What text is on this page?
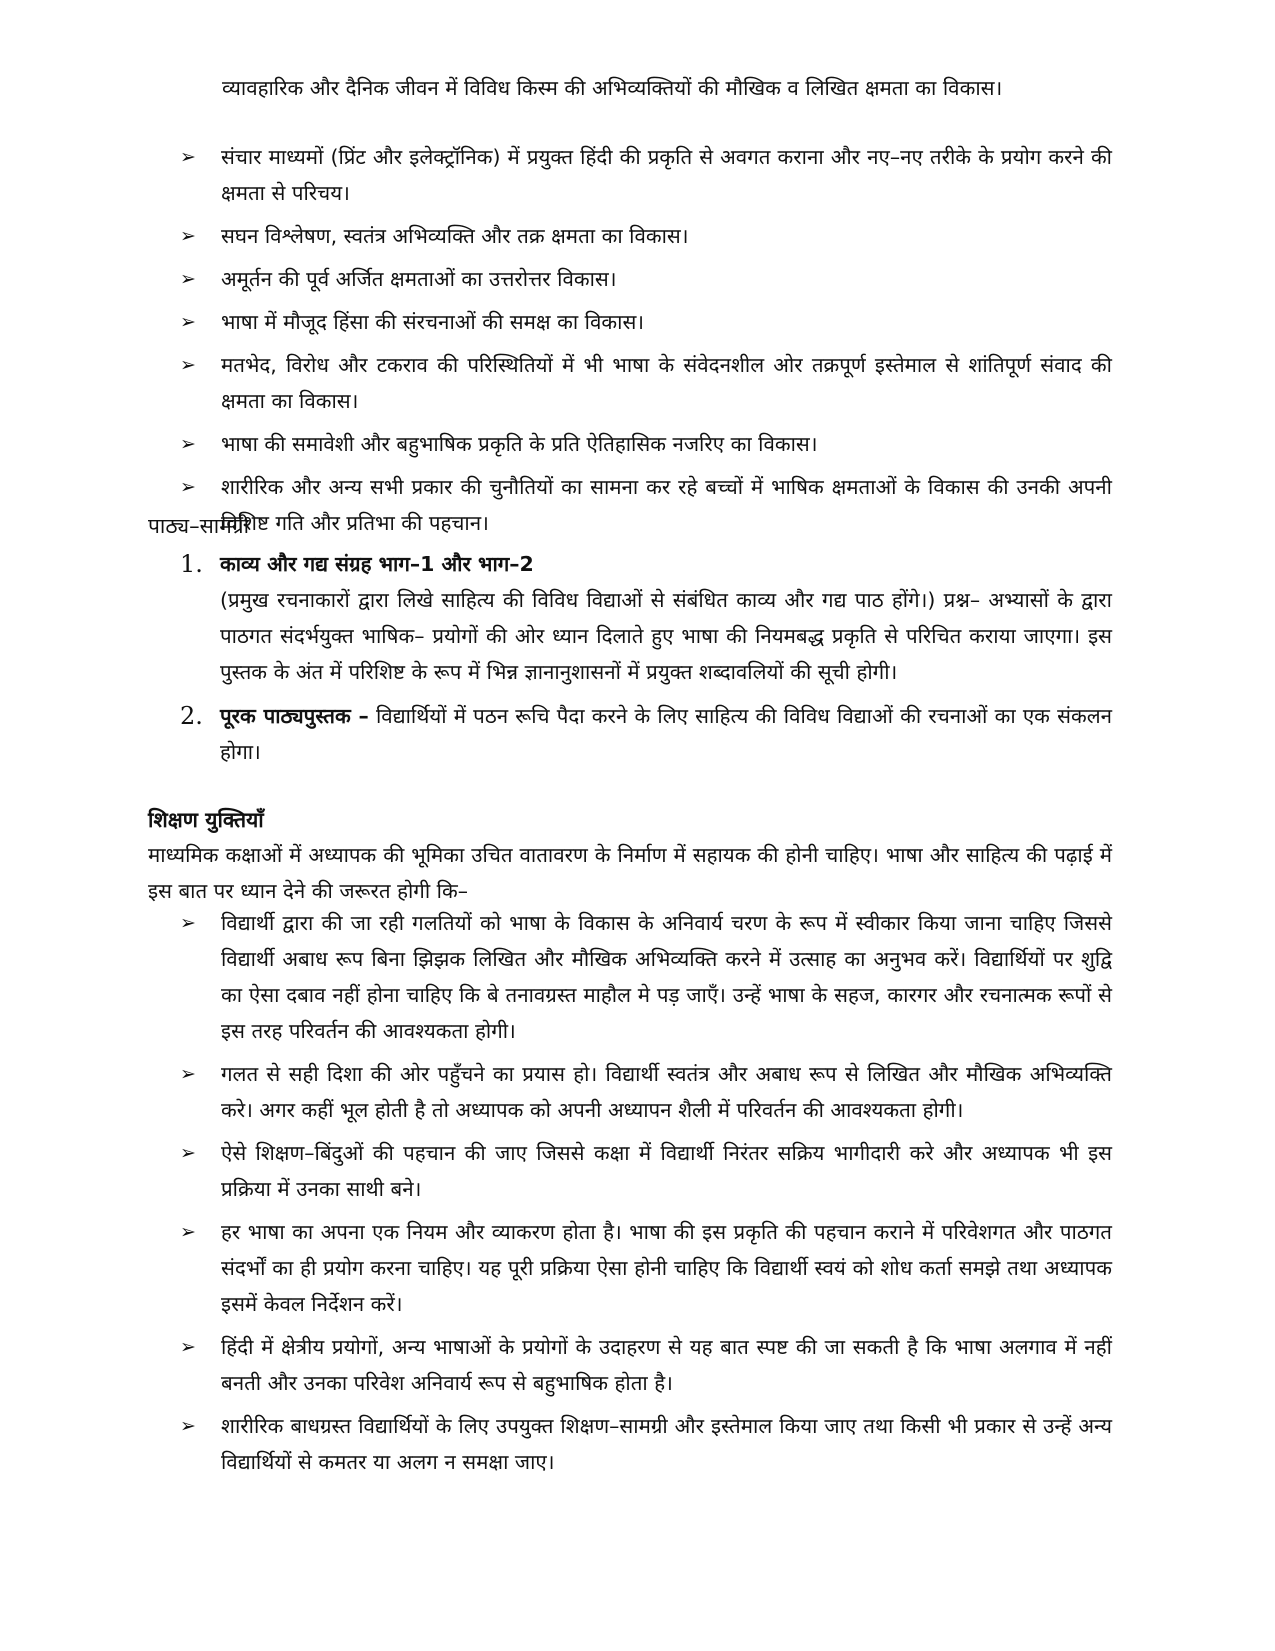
व्यावहारिक और दैनिक जीवन में विविध किस्म की अभिव्यक्तियों की मौखिक व लिखित क्षमता का विकास।

➢ संचार माध्यमों (प्रिंट और इलेक्ट्रॉनिक) में प्रयुक्त हिंदी की प्रकृति से अवगत कराना और नए–नए तरीके के प्रयोग करने की क्षमता से परिचय।
➢ सघन विश्लेषण, स्वतंत्र अभिव्यक्ति और तक्र क्षमता का विकास।
➢ अमूर्तन की पूर्व अर्जित क्षमताओं का उत्तरोत्तर विकास।
➢ भाषा में मौजूद हिंसा की संरचनाओं की समक्ष का विकास।
➢ मतभेद, विरोध और टकराव की परिस्थितियों में भी भाषा के संवेदनशील ओर तक्रपूर्ण इस्तेमाल से शांतिपूर्ण संवाद की क्षमता का विकास।
➢ भाषा की समावेशी और बहुभाषिक प्रकृति के प्रति ऐतिहासिक नजरिए का विकास।
➢ शारीरिक और अन्य सभी प्रकार की चुनौतियों का सामना कर रहे बच्चों में भाषिक क्षमताओं के विकास की उनकी अपनी विशिष्ट गति और प्रतिभा की पहचान।
पाठ्य–सामग्री
1. काव्य और गद्य संग्रह भाग–1 और भाग–2
(प्रमुख रचनाकारों द्वारा लिखे साहित्य की विविध विद्याओं से संबंधित काव्य और गद्य पाठ होंगे।) प्रश्न– अभ्यासों के द्वारा पाठगत संदर्भयुक्त भाषिक– प्रयोगों की ओर ध्यान दिलाते हुए भाषा की नियमबद्ध प्रकृति से परिचित कराया जाएगा। इस पुस्तक के अंत में परिशिष्ट के रूप में भिन्न ज्ञानानुशासनों में प्रयुक्त शब्दावलियों की सूची होगी।
2. पूरक पाठ्यपुस्तक – विद्यार्थियों में पठन रूचि पैदा करने के लिए साहित्य की विविध विद्याओं की रचनाओं का एक संकलन होगा।
शिक्षण युक्तियाँ

माध्यमिक कक्षाओं में अध्यापक की भूमिका उचित वातावरण के निर्माण में सहायक की होनी चाहिए। भाषा और साहित्य की पढ़ाई में इस बात पर ध्यान देने की जरूरत होगी कि–

➢ विद्यार्थी द्वारा की जा रही गलतियों को भाषा के विकास के अनिवार्य चरण के रूप में स्वीकार किया जाना चाहिए जिससे विद्यार्थी अबाध रूप बिना झिझक लिखित और मौखिक अभिव्यक्ति करने में उत्साह का अनुभव करें। विद्यार्थियों पर शुद्वि का ऐसा दबाव नहीं होना चाहिए कि बे तनावग्रस्त माहौल मे पड़ जाएँ। उन्हें भाषा के सहज, कारगर और रचनात्मक रूपों से इस तरह परिवर्तन की आवश्यकता होगी।
➢ गलत से सही दिशा की ओर पहुँचने का प्रयास हो। विद्यार्थी स्वतंत्र और अबाध रूप से लिखित और मौखिक अभिव्यक्ति करे। अगर कहीं भूल होती है तो अध्यापक को अपनी अध्यापन शैली में परिवर्तन की आवश्यकता होगी।
➢ ऐसे शिक्षण–बिंदुओं की पहचान की जाए जिससे कक्षा में विद्यार्थी निरंतर सक्रिय भागीदारी करे और अध्यापक भी इस प्रक्रिया में उनका साथी बने।
➢ हर भाषा का अपना एक नियम और व्याकरण होता है। भाषा की इस प्रकृति की पहचान कराने में परिवेशगत और पाठगत संदर्भों का ही प्रयोग करना चाहिए। यह पूरी प्रक्रिया ऐसा होनी चाहिए कि विद्यार्थी स्वयं को शोध कर्ता समझे तथा अध्यापक इसमें केवल निर्देशन करें।
➢ हिंदी में क्षेत्रीय प्रयोगों, अन्य भाषाओं के प्रयोगों के उदाहरण से यह बात स्पष्ट की जा सकती है कि भाषा अलगाव में नहीं बनती और उनका परिवेश अनिवार्य रूप से बहुभाषिक होता है।
➢ शारीरिक बाधग्रस्त विद्यार्थियों के लिए उपयुक्त शिक्षण–सामग्री और इस्तेमाल किया जाए तथा किसी भी प्रकार से उन्हें अन्य विद्यार्थियों से कमतर या अलग न समक्षा जाए।
